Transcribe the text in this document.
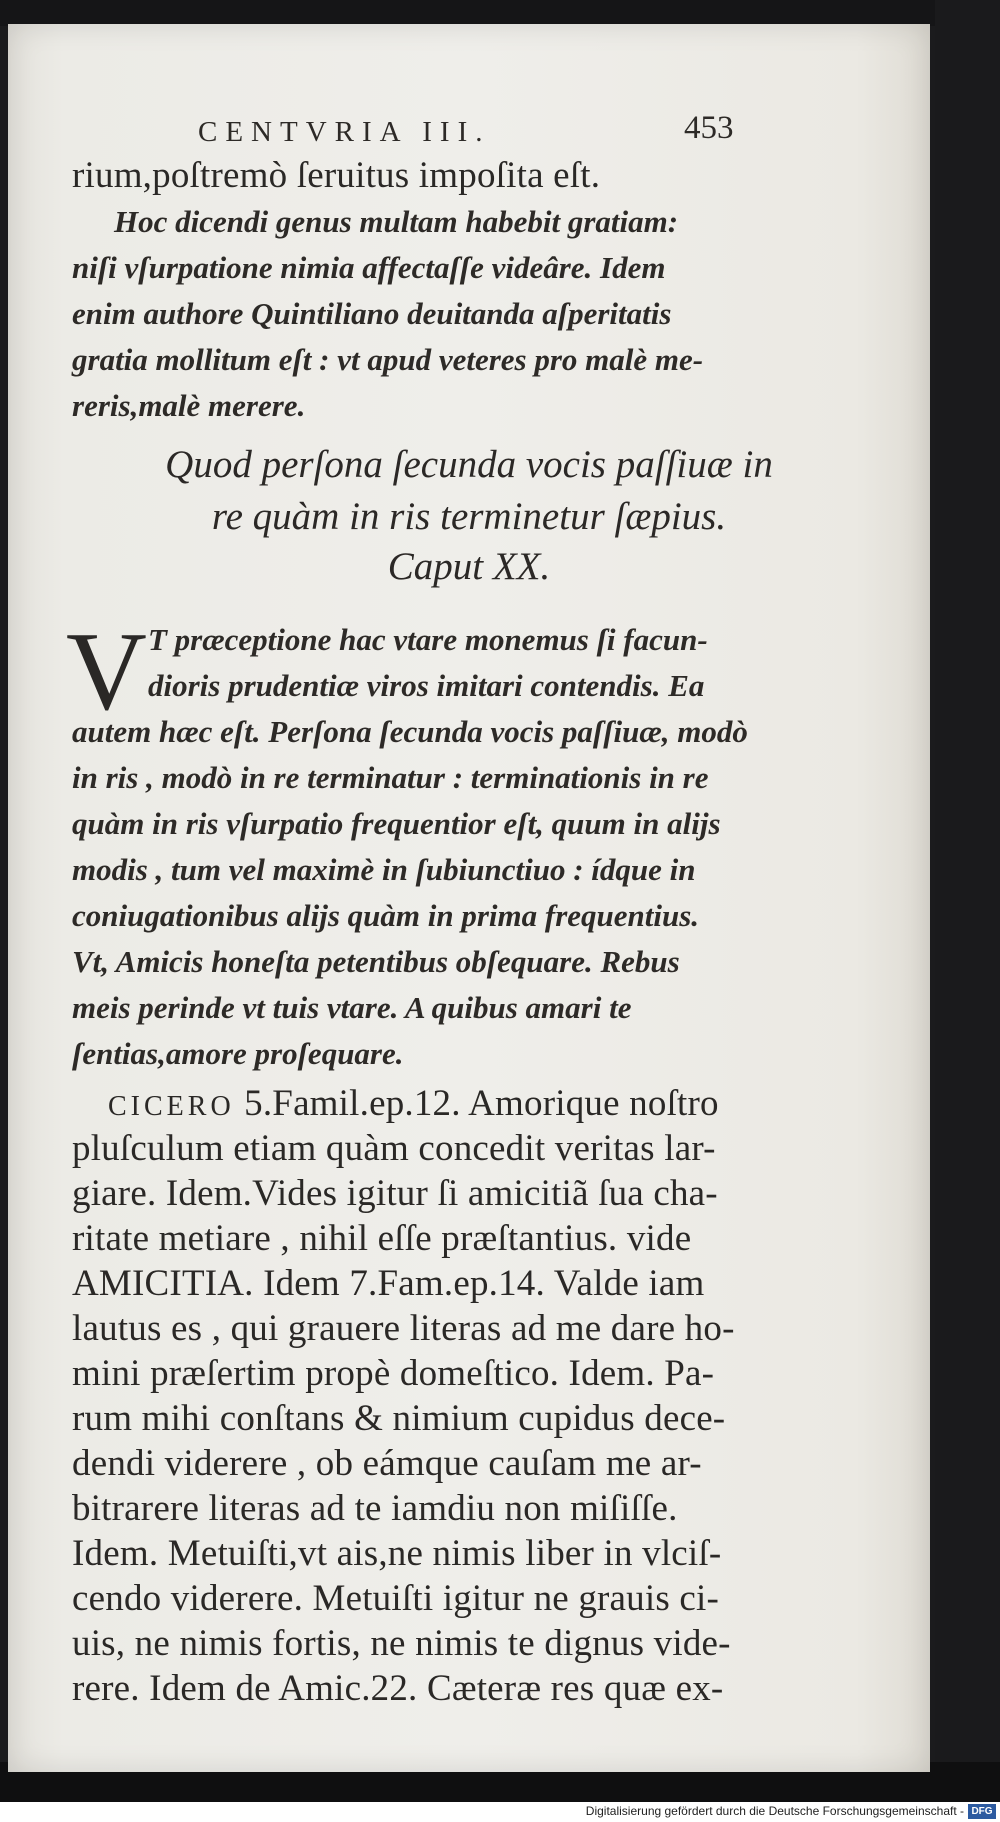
CENTVRIA III.	453
rium,poſtremò ſeruitus impoſita eſt.
Hoc dicendi genus multam habebit gratiam:
niſi vſurpatione nimia affectaſſe videâre. Idem
enim authore Quintiliano deuitanda aſperitatis
gratia mollitum eſt : vt apud veteres pro malè me-
reris,malè merere.
Quod perſona ſecunda vocis paſſiuæ in
re quàm in ris terminetur ſæpius.
Caput XX.
V T præceptione hac vtare monemus ſi facun-
dioris prudentiæ viros imitari contendis. Ea
autem hæc eſt. Perſona ſecunda vocis paſſiuæ, modò
in ris , modò in re terminatur : terminationis in re
quàm in ris vſurpatio frequentior eſt, quum in alijs
modis , tum vel maximè in ſubiunctiuo : ídque in
coniugationibus alijs quàm in prima frequentius.
Vt, Amicis honeſta petentibus obſequare. Rebus
meis perinde vt tuis vtare. A quibus amari te
ſentias,amore proſequare.
CICERO 5.Famil.ep.12. Amorique noſtro
pluſculum etiam quàm concedit veritas lar-
giare. Idem.Vides igitur ſi amicitiã ſua cha-
ritate metiare , nihil eſſe præſtantius. vide
AMICITIA. Idem 7.Fam.ep.14. Valde iam
lautus es , qui grauere literas ad me dare ho-
mini præſertim propè domeſtico. Idem. Pa-
rum mihi conſtans & nimium cupidus dece-
dendi viderere , ob eámque cauſam me ar-
bitrarere literas ad te iamdiu non miſiſſe.
Idem. Metuiſti,vt ais,ne nimis liber in vlciſ-
cendo viderere. Metuiſti igitur ne grauis ci-
uis, ne nimis fortis, ne nimis te dignus vide-
rere. Idem de Amic.22. Cæteræ res quæ ex-
Digitalisierung gefördert durch die Deutsche Forschungsgemeinschaft - DFG
